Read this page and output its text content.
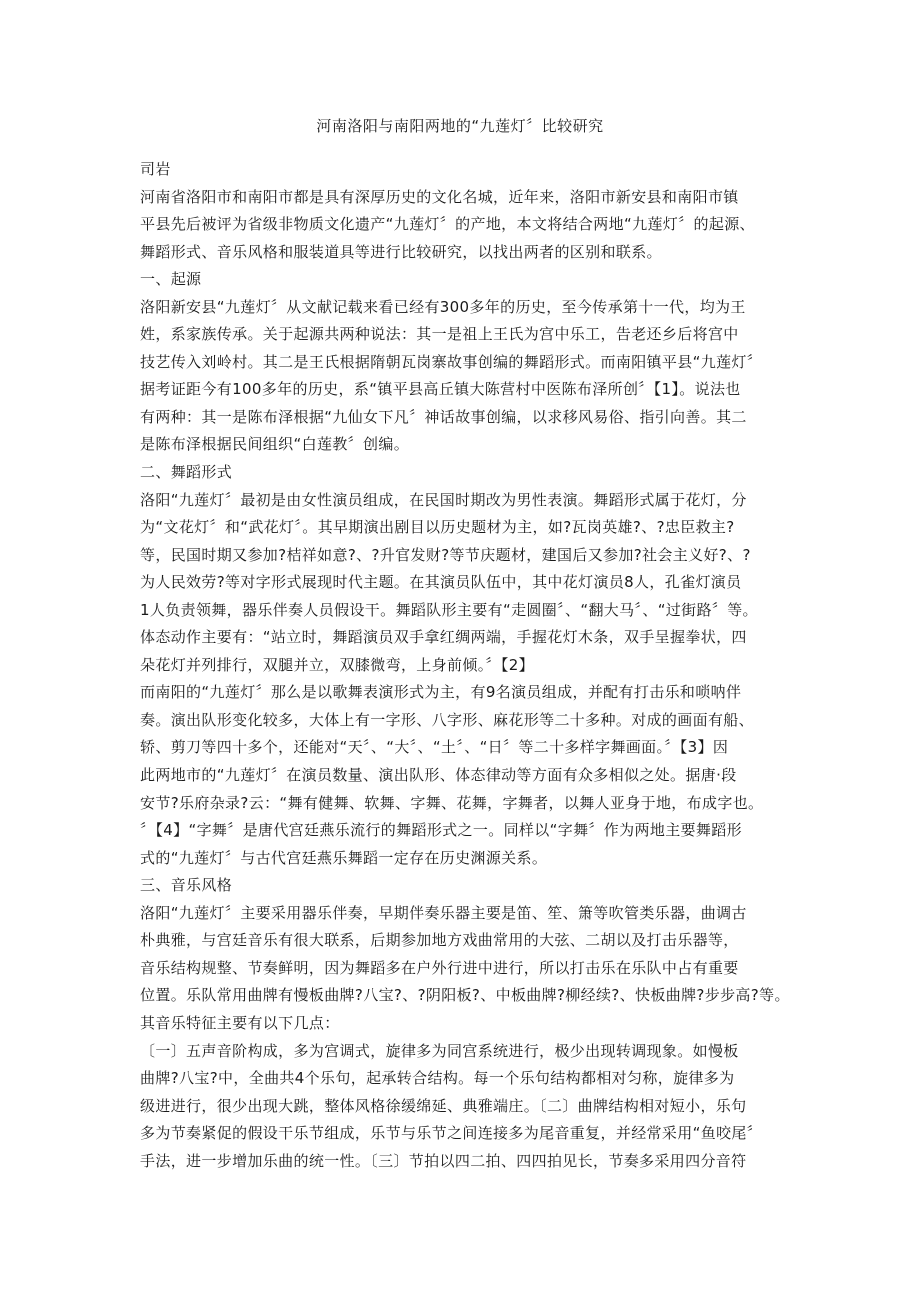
河南洛阳与南阳两地的“九莲灯〞比较研究
司岩
河南省洛阳市和南阳市都是具有深厚历史的文化名城，近年来，洛阳市新安县和南阳市镇
平县先后被评为省级非物质文化遗产“九莲灯〞的产地，本文将结合两地“九莲灯〞的起源、
舞蹈形式、音乐风格和服装道具等进行比较研究，以找出两者的区别和联系。
一、起源
洛阳新安县“九莲灯〞从文献记载来看已经有300多年的历史，至今传承第十一代，均为王
姓，系家族传承。关于起源共两种说法：其一是祖上王氏为宫中乐工，告老还乡后将宫中
技艺传入刘岭村。其二是王氏根据隋朝瓦岗寨故事创编的舞蹈形式。而南阳镇平县“九莲灯〞
据考证距今有100多年的历史，系“镇平县高丘镇大陈营村中医陈布泽所创〞【1】。说法也
有两种：其一是陈布泽根据“九仙女下凡〞神话故事创编，以求移风易俗、指引向善。其二
是陈布泽根据民间组织“白莲教〞创编。
二、舞蹈形式
洛阳“九莲灯〞最初是由女性演员组成，在民国时期改为男性表演。舞蹈形式属于花灯，分
为“文花灯〞和“武花灯〞。其早期演出剧目以历史题材为主，如?瓦岗英雄?、?忠臣救主?
等，民国时期又参加?桔祥如意?、?升官发财?等节庆题材，建国后又参加?社会主义好?、?
为人民效劳?等对字形式展现时代主题。在其演员队伍中，其中花灯演员8人，孔雀灯演员
1人负责领舞，器乐伴奏人员假设干。舞蹈队形主要有“走圆圈〞、“翻大马〞、“过街路〞等。
体态动作主要有：“站立时，舞蹈演员双手拿红绸两端，手握花灯木条，双手呈握拳状，四
朵花灯并列排行，双腿并立，双膝微弯，上身前倾。〞【2】
而南阳的“九莲灯〞那么是以歌舞表演形式为主，有9名演员组成，并配有打击乐和唢呐伴
奏。演出队形变化较多，大体上有一字形、八字形、麻花形等二十多种。对成的画面有船、
轿、剪刀等四十多个，还能对“天〞、“大〞、“土〞、“日〞等二十多样字舞画面。〞【3】因
此两地市的“九莲灯〞在演员数量、演出队形、体态律动等方面有众多相似之处。据唐·段
安节?乐府杂录?云：“舞有健舞、软舞、字舞、花舞，字舞者，以舞人亚身于地，布成字也。
〞【4】“字舞〞是唐代宫廷燕乐流行的舞蹈形式之一。同样以“字舞〞作为两地主要舞蹈形
式的“九莲灯〞与古代宫廷燕乐舞蹈一定存在历史渊源关系。
三、音乐风格
洛阳“九莲灯〞主要采用器乐伴奏，早期伴奏乐器主要是笛、笙、箫等吹管类乐器，曲调古
朴典雅，与宫廷音乐有很大联系，后期参加地方戏曲常用的大弦、二胡以及打击乐器等，
音乐结构规整、节奏鲜明，因为舞蹈多在户外行进中进行，所以打击乐在乐队中占有重要
位置。乐队常用曲牌有慢板曲牌?八宝?、?阴阳板?、中板曲牌?柳经续?、快板曲牌?步步高?等。
其音乐特征主要有以下几点：
〔一〕五声音阶构成，多为宫调式，旋律多为同宫系统进行，极少出现转调现象。如慢板
曲牌?八宝?中，全曲共4个乐句，起承转合结构。每一个乐句结构都相对匀称，旋律多为
级进进行，很少出现大跳，整体风格徐缓绵延、典雅端庄。〔二〕曲牌结构相对短小，乐句
多为节奏紧促的假设干乐节组成，乐节与乐节之间连接多为尾音重复，并经常采用“鱼咬尾〞
手法，进一步增加乐曲的统一性。〔三〕节拍以四二拍、四四拍见长，节奏多采用四分音符
